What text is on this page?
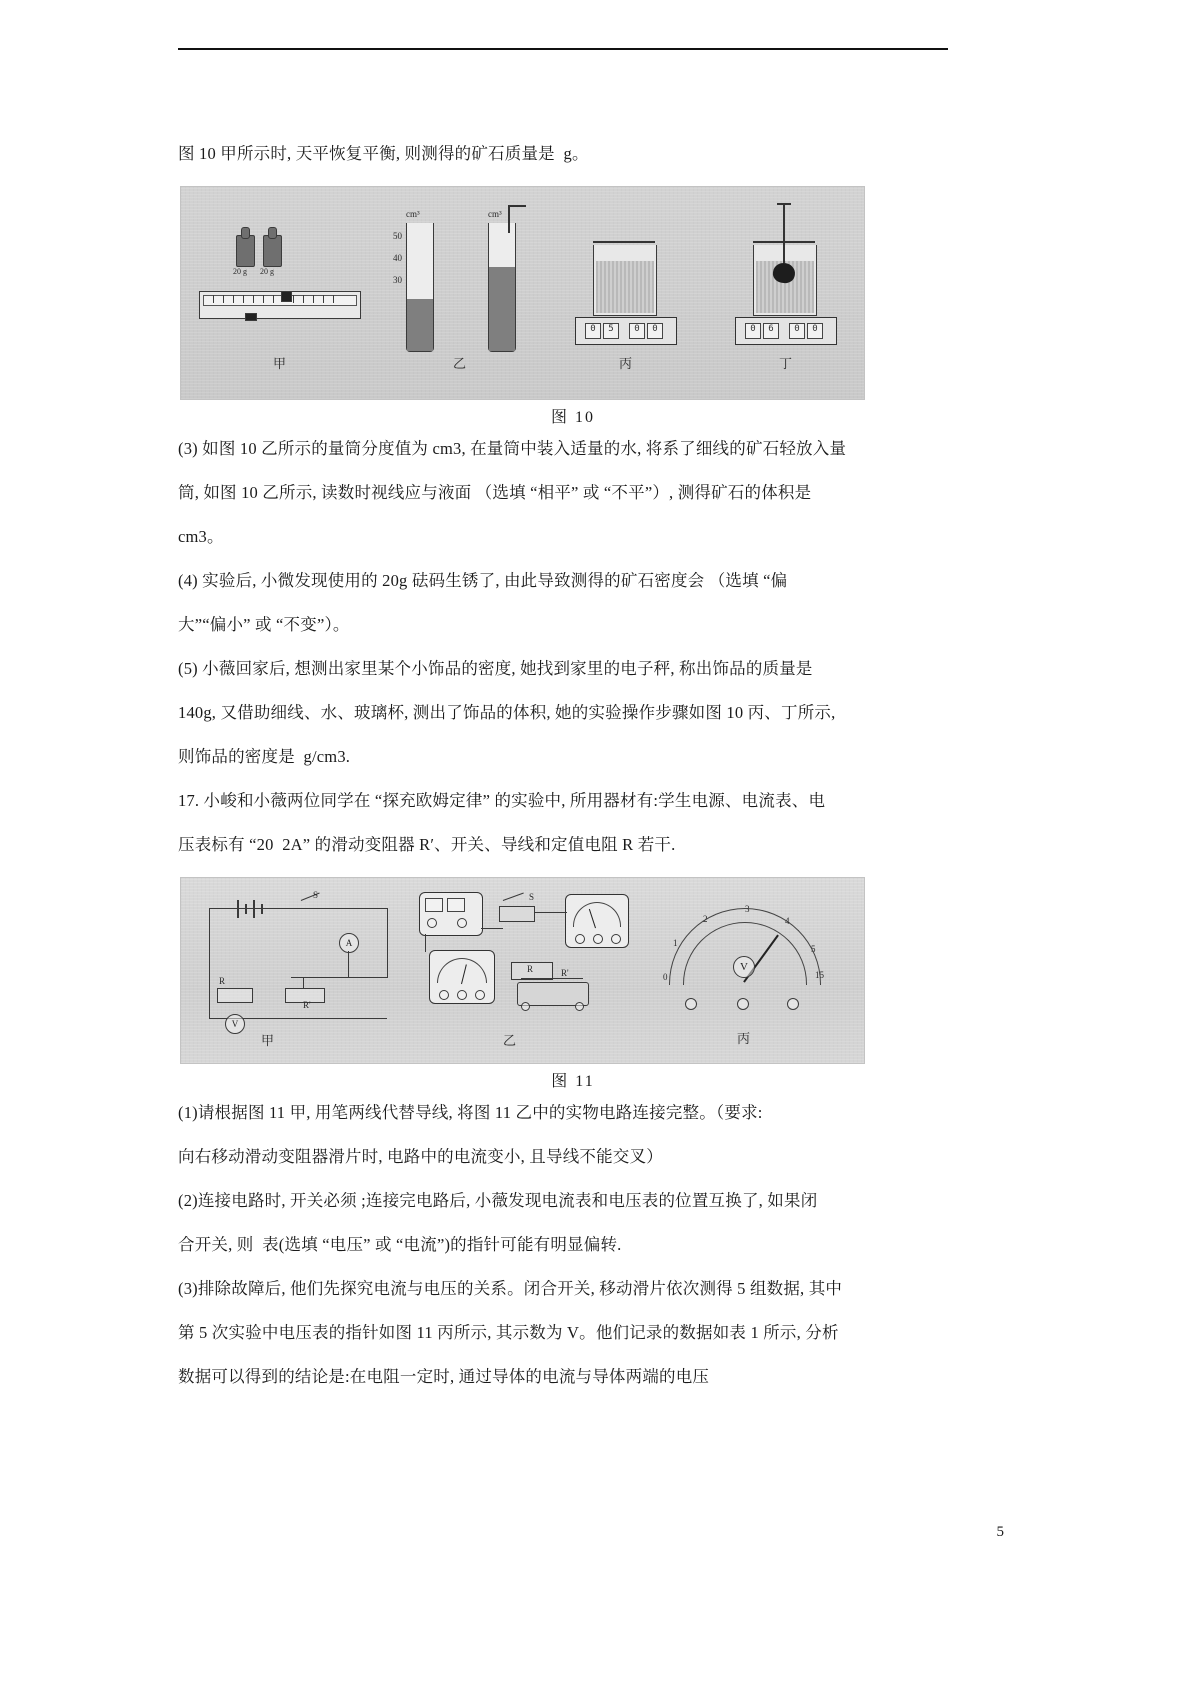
图 10 甲所示时, 天平恢复平衡, 则测得的矿石质量是  g。

20 g 20 g
甲
cm³
50
40
30
cm³
乙
0	5	0	0
丙
0	6	0	0
丁
图 10

(3) 如图 10 乙所示的量筒分度值为 cm3, 在量筒中装入适量的水, 将系了细线的矿石轻放入量

筒, 如图 10 乙所示, 读数时视线应与液面 （选填 “相平” 或 “不平”）, 测得矿石的体积是

cm3。

(4) 实验后, 小微发现使用的 20g 砝码生锈了, 由此导致测得的矿石密度会 （选填 “偏

大”“偏小” 或 “不变”）。

(5) 小薇回家后, 想测出家里某个小饰品的密度, 她找到家里的电子秤, 称出饰品的质量是

140g, 又借助细线、水、玻璃杯, 测出了饰品的体积, 她的实验操作步骤如图 10 丙、丁所示,

则饰品的密度是  g/cm3.

17. 小峻和小薇两位同学在 “探充欧姆定律” 的实验中, 所用器材有:学生电源、电流表、电

压表标有 “20  2A” 的滑动变阻器 R′、开关、导线和定值电阻 R 若干.

S
A
R
R'
V
甲
R	R'
S
乙
V
0
1
2
3
4
5
15
丙
图 11

(1)请根据图 11 甲, 用笔两线代替导线, 将图 11 乙中的实物电路连接完整。（要求:

向右移动滑动变阻器滑片时, 电路中的电流变小, 且导线不能交叉）

(2)连接电路时, 开关必须 ;连接完电路后, 小薇发现电流表和电压表的位置互换了, 如果闭

合开关, 则  表(选填 “电压” 或 “电流”)的指针可能有明显偏转.

(3)排除故障后, 他们先探究电流与电压的关系。闭合开关, 移动滑片依次测得 5 组数据, 其中

第 5 次实验中电压表的指针如图 11 丙所示, 其示数为 V。他们记录的数据如表 1 所示, 分析

数据可以得到的结论是:在电阻一定时, 通过导体的电流与导体两端的电压

5
